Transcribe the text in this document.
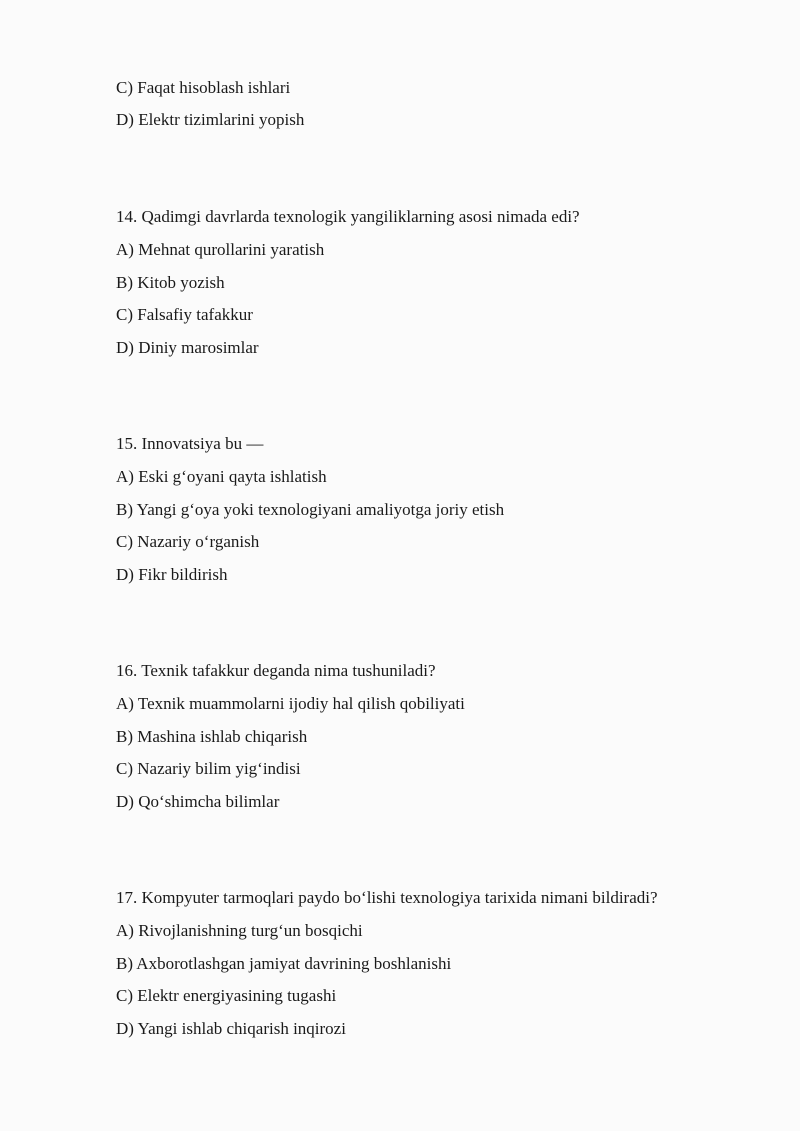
C) Faqat hisoblash ishlari
D) Elektr tizimlarini yopish
14. Qadimgi davrlarda texnologik yangiliklarning asosi nimada edi?
A) Mehnat qurollarini yaratish
B) Kitob yozish
C) Falsafiy tafakkur
D) Diniy marosimlar
15. Innovatsiya bu —
A) Eski g‘oyani qayta ishlatish
B) Yangi g‘oya yoki texnologiyani amaliyotga joriy etish
C) Nazariy o‘rganish
D) Fikr bildirish
16. Texnik tafakkur deganda nima tushuniladi?
A) Texnik muammolarni ijodiy hal qilish qobiliyati
B) Mashina ishlab chiqarish
C) Nazariy bilim yig‘indisi
D) Qo‘shimcha bilimlar
17. Kompyuter tarmoqlari paydo bo‘lishi texnologiya tarixida nimani bildiradi?
A) Rivojlanishning turg‘un bosqichi
B) Axborotlashgan jamiyat davrining boshlanishi
C) Elektr energiyasining tugashi
D) Yangi ishlab chiqarish inqirozi
